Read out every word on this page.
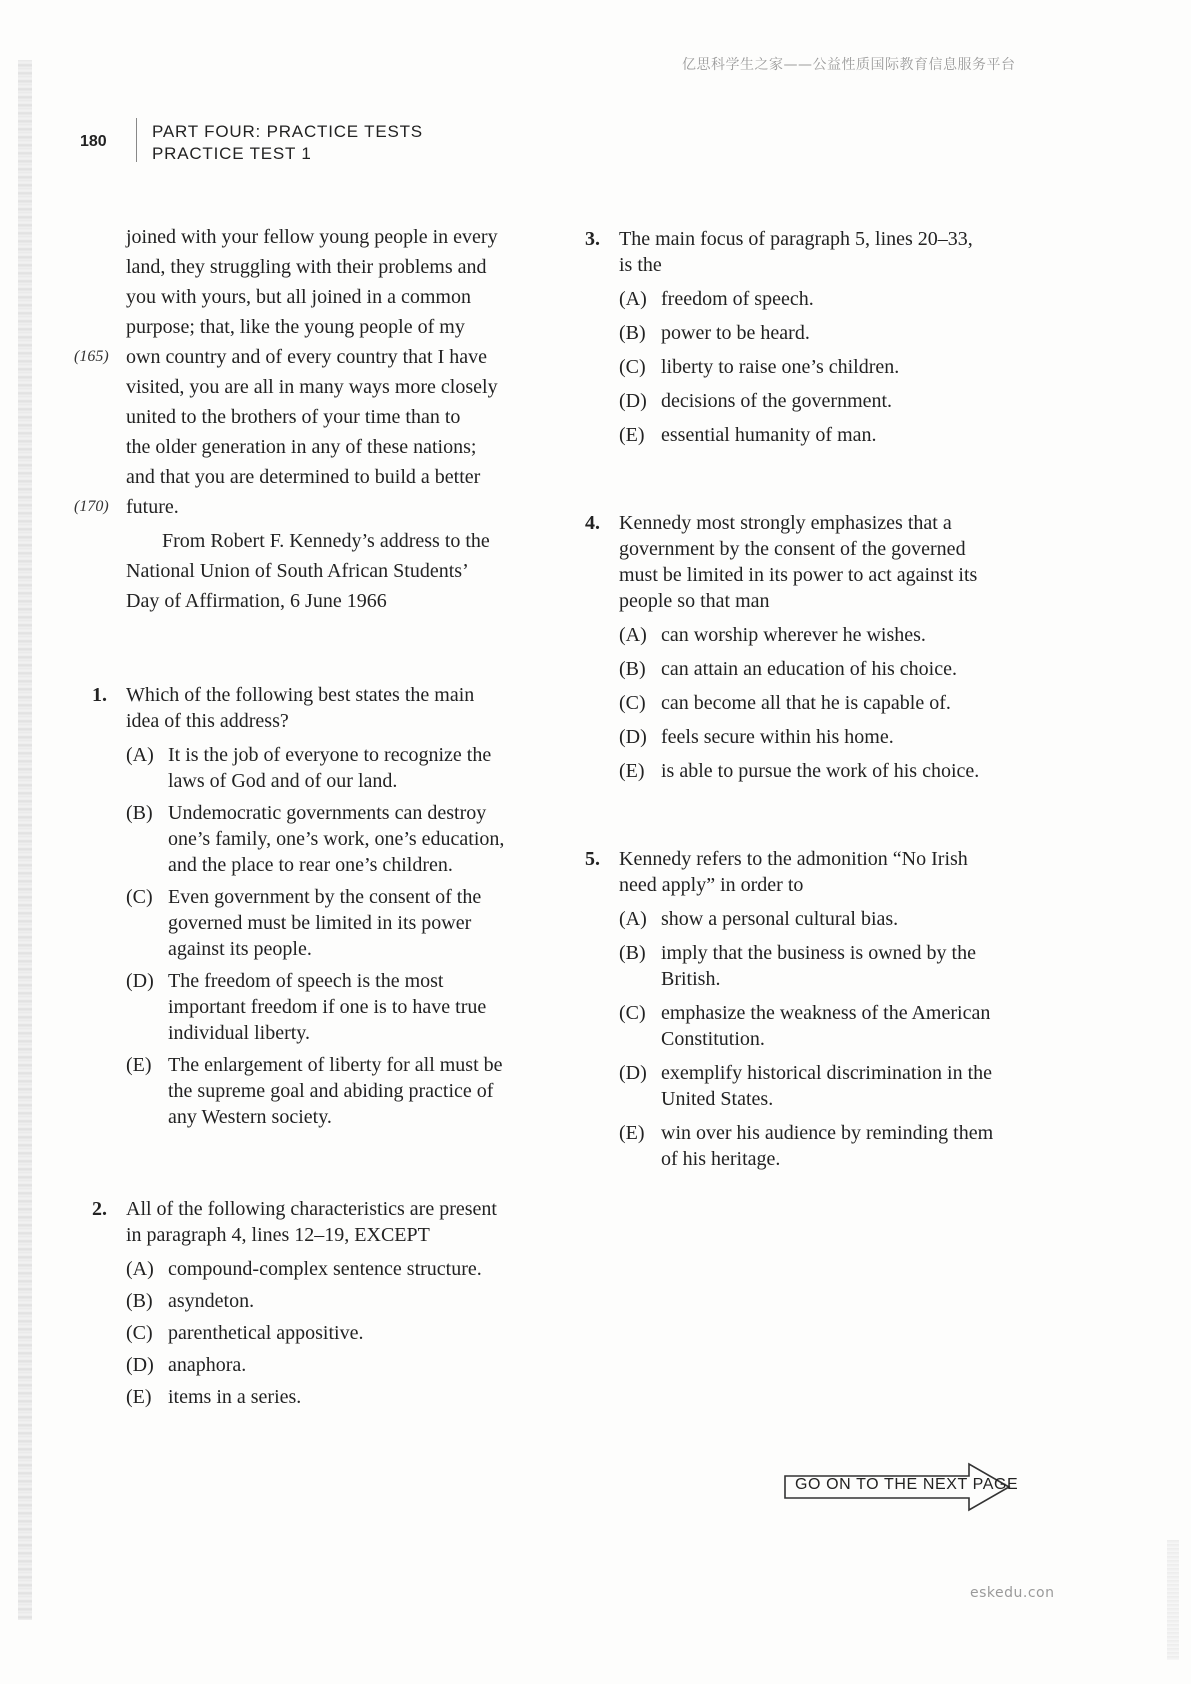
亿思科学生之家——公益性质国际教育信息服务平台
180
PART FOUR: PRACTICE TESTS
PRACTICE TEST 1
joined with your fellow young people in every
land, they struggling with their problems and
you with yours, but all joined in a common
purpose; that, like the young people of my
(165) own country and of every country that I have
visited, you are all in many ways more closely
united to the brothers of your time than to
the older generation in any of these nations;
and that you are determined to build a better
(170) future.
From Robert F. Kennedy’s address to the
National Union of South African Students’
Day of Affirmation, 6 June 1966
1. Which of the following best states the main
idea of this address?
(A) It is the job of everyone to recognize the
laws of God and of our land.
(B) Undemocratic governments can destroy
one’s family, one’s work, one’s education,
and the place to rear one’s children.
(C) Even government by the consent of the
governed must be limited in its power
against its people.
(D) The freedom of speech is the most
important freedom if one is to have true
individual liberty.
(E) The enlargement of liberty for all must be
the supreme goal and abiding practice of
any Western society.
2. All of the following characteristics are present
in paragraph 4, lines 12–19, EXCEPT
(A) compound-complex sentence structure.
(B) asyndeton.
(C) parenthetical appositive.
(D) anaphora.
(E) items in a series.
3. The main focus of paragraph 5, lines 20–33,
is the
(A) freedom of speech.
(B) power to be heard.
(C) liberty to raise one’s children.
(D) decisions of the government.
(E) essential humanity of man.
4. Kennedy most strongly emphasizes that a
government by the consent of the governed
must be limited in its power to act against its
people so that man
(A) can worship wherever he wishes.
(B) can attain an education of his choice.
(C) can become all that he is capable of.
(D) feels secure within his home.
(E) is able to pursue the work of his choice.
5. Kennedy refers to the admonition “No Irish
need apply” in order to
(A) show a personal cultural bias.
(B) imply that the business is owned by the
British.
(C) emphasize the weakness of the American
Constitution.
(D) exemplify historical discrimination in the
United States.
(E) win over his audience by reminding them
of his heritage.
GO ON TO THE NEXT PAGE
eskedu.con
